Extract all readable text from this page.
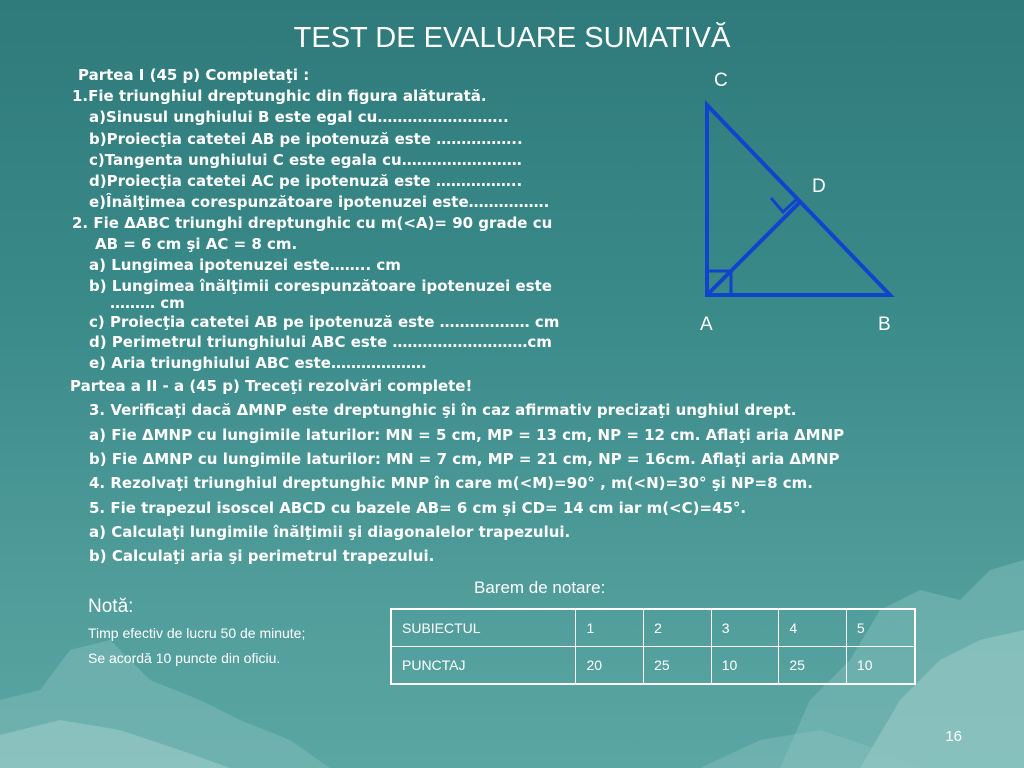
TEST DE EVALUARE SUMATIVĂ
Partea I (45 p) Completaţi :
1.Fie triunghiul dreptunghic din figura alăturată.
a)Sinusul unghiului B este egal cu……………………..
b)Proiecţia catetei AB pe ipotenuză este ……………..
c)Tangenta unghiului C este egala cu……………………
d)Proiecţia catetei AC pe ipotenuză este ……………..
e)Înălţimea corespunzătoare ipotenuzei este…………….
2. Fie ΔABC triunghi dreptunghic cu m(<A)= 90 grade cu
AB = 6 cm şi AC = 8 cm.
a) Lungimea ipotenuzei este…….. cm
b) Lungimea înălţimii corespunzătoare ipotenuzei este
……… cm
c) Proiecţia catetei AB pe ipotenuză este ……………… cm
d) Perimetrul triunghiului ABC este ………………………cm
e) Aria triunghiului ABC este……………….
Partea a II - a (45 p) Treceţi rezolvări complete!
3. Verificaţi dacă ΔMNP este dreptunghic şi în caz afirmativ precizaţi unghiul drept.
a) Fie ΔMNP cu lungimile laturilor: MN = 5 cm, MP = 13 cm, NP = 12 cm. Aflaţi aria ΔMNP
b) Fie ΔMNP cu lungimile laturilor: MN = 7 cm, MP = 21 cm, NP = 16cm. Aflaţi aria ΔMNP
4. Rezolvaţi triunghiul dreptunghic MNP în care m(<M)=90° , m(<N)=30° şi NP=8 cm.
5. Fie trapezul isoscel ABCD cu bazele AB= 6 cm şi CD= 14 cm iar m(<C)=45°.
a) Calculaţi lungimile înălţimii şi diagonalelor trapezului.
b) Calculaţi aria şi perimetrul trapezului.
C
D
A	B
Notă:
Timp efectiv de lucru 50 de minute;
Se acordă 10 puncte din oficiu.
Barem de notare:
SUBIECTUL	1	2	3	4	5
PUNCTAJ	20	25	10	25	10
16
